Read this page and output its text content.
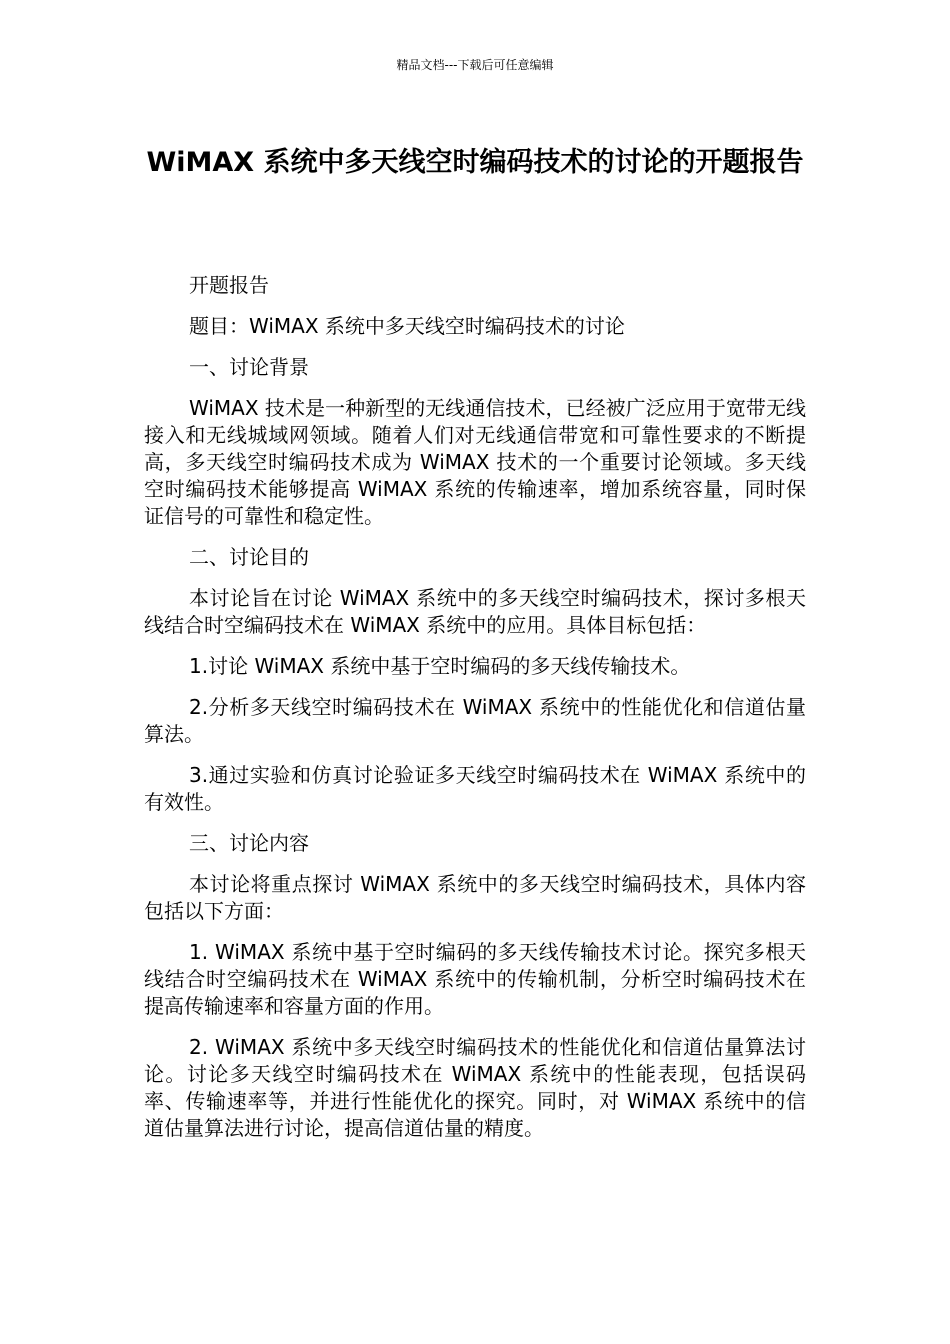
精品文档---下载后可任意编辑
WiMAX 系统中多天线空时编码技术的讨论的开题报告

开题报告

题目：WiMAX 系统中多天线空时编码技术的讨论

一、讨论背景

WiMAX 技术是一种新型的无线通信技术，已经被广泛应用于宽带无线接入和无线城域网领域。随着人们对无线通信带宽和可靠性要求的不断提高，多天线空时编码技术成为 WiMAX 技术的一个重要讨论领域。多天线空时编码技术能够提高 WiMAX 系统的传输速率，增加系统容量，同时保证信号的可靠性和稳定性。

二、讨论目的

本讨论旨在讨论 WiMAX 系统中的多天线空时编码技术，探讨多根天线结合时空编码技术在 WiMAX 系统中的应用。具体目标包括：

1.讨论 WiMAX 系统中基于空时编码的多天线传输技术。

2.分析多天线空时编码技术在 WiMAX 系统中的性能优化和信道估量算法。

3.通过实验和仿真讨论验证多天线空时编码技术在 WiMAX 系统中的有效性。

三、讨论内容

本讨论将重点探讨 WiMAX 系统中的多天线空时编码技术，具体内容包括以下方面：

1. WiMAX 系统中基于空时编码的多天线传输技术讨论。探究多根天线结合时空编码技术在 WiMAX 系统中的传输机制，分析空时编码技术在提高传输速率和容量方面的作用。

2. WiMAX 系统中多天线空时编码技术的性能优化和信道估量算法讨论。讨论多天线空时编码技术在 WiMAX 系统中的性能表现，包括误码率、传输速率等，并进行性能优化的探究。同时，对 WiMAX 系统中的信道估量算法进行讨论，提高信道估量的精度。
